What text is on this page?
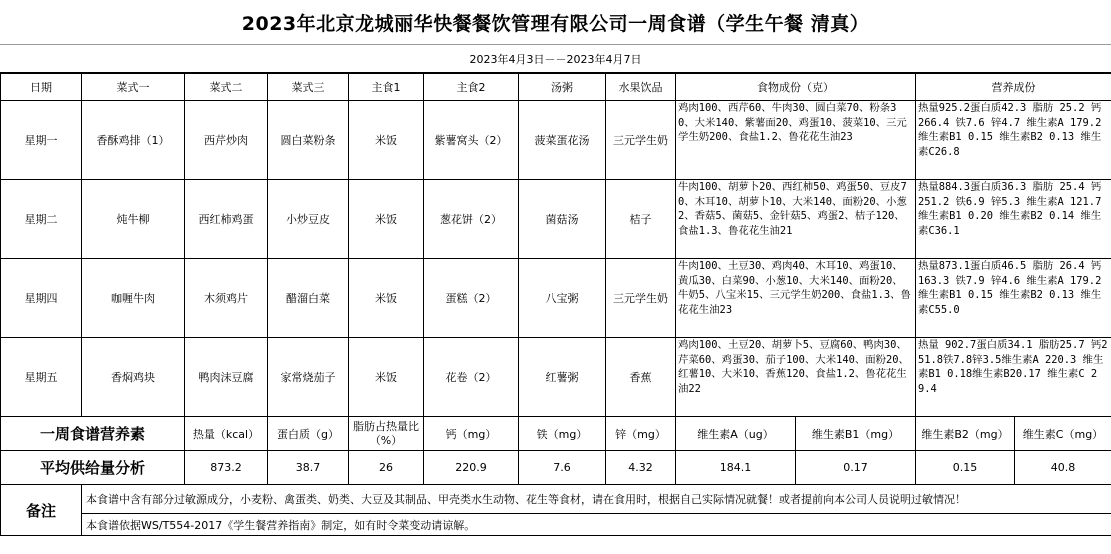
2023年北京龙城丽华快餐餐饮管理有限公司一周食谱（学生午餐 清真）
2023年4月3日－－2023年4月7日
日期	菜式一	菜式二	菜式三	主食1	主食2	汤粥	水果饮品	食物成份（克）		营养成份	
星期一	香酥鸡排（1）	西芹炒肉	圆白菜粉条	米饭	紫薯窝头（2）	菠菜蛋花汤	三元学生奶	鸡肉100、西芹60、牛肉30、圆白菜70、粉条30、大米140、紫薯面20、鸡蛋10、菠菜10、三元学生奶200、食盐1.2、鲁花花生油23		热量925.2蛋白质42.3 脂肪 25.2 钙 266.4 铁7.6 锌4.7 维生素A 179.2 维生素B1 0.15 维生素B2 0.13 维生素C26.8	
星期二	炖牛柳	西红柿鸡蛋	小炒豆皮	米饭	葱花饼（2）	菌菇汤	桔子	牛肉100、胡萝卜20、西红柿50、鸡蛋50、豆皮70、木耳10、胡萝卜10、大米140、面粉20、小葱2、香菇5、菌菇5、金针菇5、鸡蛋2、桔子120、食盐1.3、鲁花花生油21		热量884.3蛋白质36.3 脂肪 25.4 钙 251.2 铁6.9 锌5.3 维生素A 121.7 维生素B1 0.20 维生素B2 0.14 维生素C36.1	
星期四	咖喱牛肉	木须鸡片	醋溜白菜	米饭	蛋糕（2）	八宝粥	三元学生奶	牛肉100、土豆30、鸡肉40、木耳10、鸡蛋10、黄瓜30、白菜90、小葱10、大米140、面粉20、牛奶5、八宝米15、三元学生奶200、食盐1.3、鲁花花生油23		热量873.1蛋白质46.5 脂肪 26.4 钙 163.3 铁7.9 锌4.6 维生素A 179.2 维生素B1 0.15 维生素B2 0.13 维生素C55.0	
星期五	香焖鸡块	鸭肉沫豆腐	家常烧茄子	米饭	花卷（2）	红薯粥	香蕉	鸡肉100、土豆20、胡萝卜5、豆腐60、鸭肉30、芹菜60、鸡蛋30、茄子100、大米140、面粉20、红薯10、大米10、香蕉120、食盐1.2、鲁花花生油22		热量 902.7蛋白质34.1 脂肪25.7 钙251.8铁7.8锌3.5维生素A 220.3 维生素B1 0.18维生素B20.17 维生素C 29.4	
一周食谱营养素		热量（kcal）	蛋白质（g）	脂肪占热量比（%）	钙（mg）	铁（mg）	锌（mg）	维生素A（ug）	维生素B1（mg）	维生素B2（mg）	维生素C（mg）
平均供给量分析		873.2	38.7	26	220.9	7.6	4.32	184.1	0.17	0.15	40.8
备注	本食谱中含有部分过敏源成分，小麦粉、禽蛋类、奶类、大豆及其制品、甲壳类水生动物、花生等食材，请在食用时，根据自己实际情况就餐！或者提前向本公司人员说明过敏情况！										
	本食谱依据WS/T554-2017《学生餐营养指南》制定，如有时令菜变动请谅解。										
